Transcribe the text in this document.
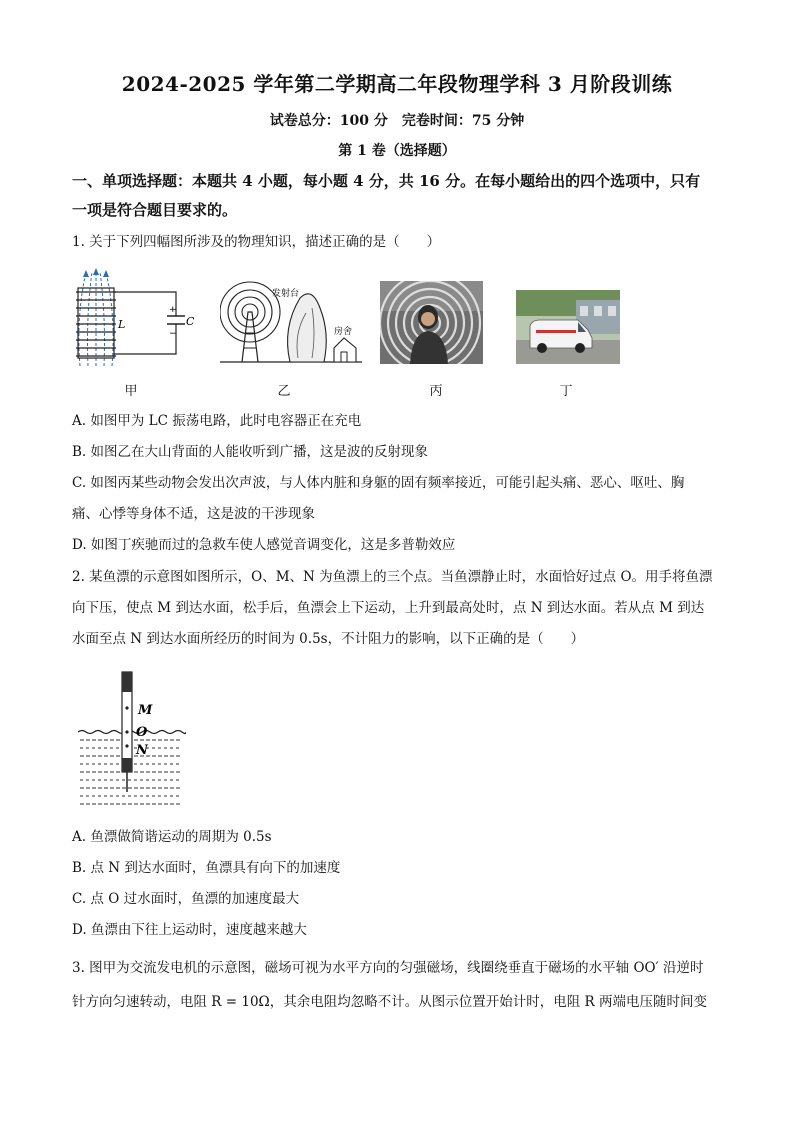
2024-2025 学年第二学期高二年段物理学科 3 月阶段训练
试卷总分：100 分　完卷时间：75 分钟
第 1 卷（选择题）
一、单项选择题：本题共 4 小题，每小题 4 分，共 16 分。在每小题给出的四个选项中，只有
一项是符合题目要求的。
1. 关于下列四幅图所涉及的物理知识，描述正确的是（　　）
+
−
L	C
发射台
房舍
甲	乙	丙	丁
A. 如图甲为 LC 振荡电路，此时电容器正在充电
B. 如图乙在大山背面的人能收听到广播，这是波的反射现象
C. 如图丙某些动物会发出次声波，与人体内脏和身躯的固有频率接近，可能引起头痛、恶心、呕吐、胸
痛、心悸等身体不适，这是波的干涉现象
D. 如图丁疾驰而过的急救车使人感觉音调变化，这是多普勒效应
2. 某鱼漂的示意图如图所示，O、M、N 为鱼漂上的三个点。当鱼漂静止时，水面恰好过点 O。用手将鱼漂
向下压，使点 M 到达水面，松手后，鱼漂会上下运动，上升到最高处时，点 N 到达水面。若从点 M 到达
水面至点 N 到达水面所经历的时间为 0.5s，不计阻力的影响，以下正确的是（　　）
M
O
N
A. 鱼漂做简谐运动的周期为 0.5s
B. 点 N 到达水面时，鱼漂具有向下的加速度
C. 点 O 过水面时，鱼漂的加速度最大
D. 鱼漂由下往上运动时，速度越来越大
3. 图甲为交流发电机的示意图，磁场可视为水平方向的匀强磁场，线圈绕垂直于磁场的水平轴 OO′ 沿逆时
针方向匀速转动，电阻 R = 10Ω，其余电阻均忽略不计。从图示位置开始计时，电阻 R 两端电压随时间变
